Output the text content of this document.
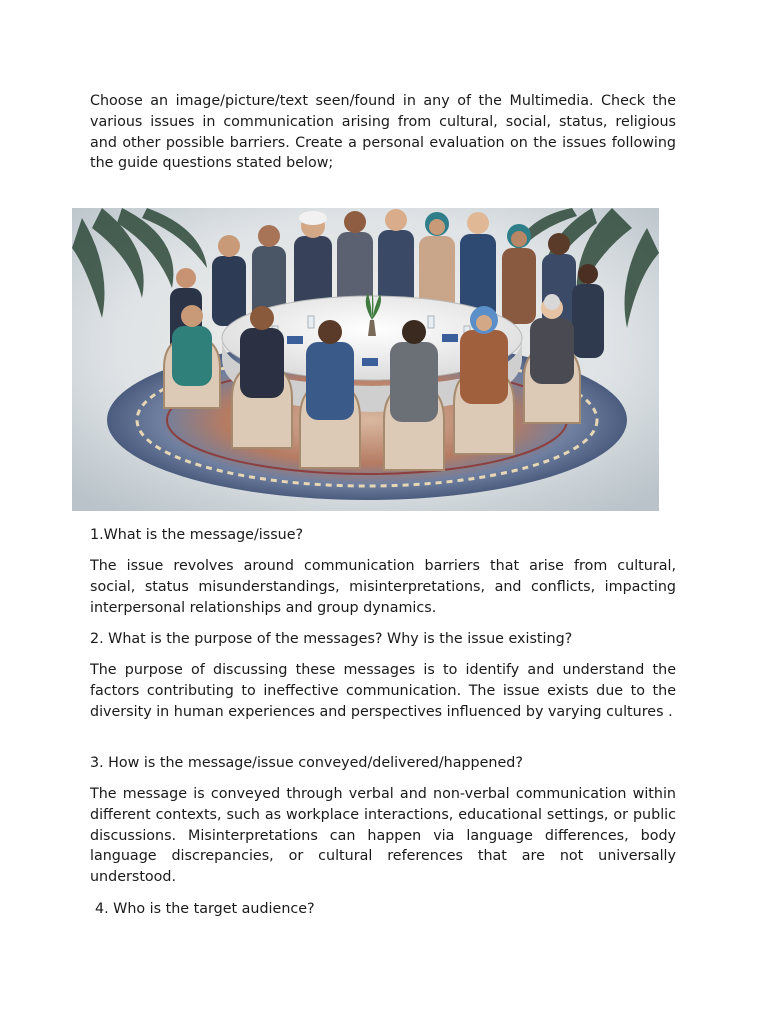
Choose an image/picture/text seen/found in any of the Multimedia. Check the various issues in communication arising from cultural, social, status, religious and other possible barriers. Create a personal evaluation on the issues following the guide questions stated below;

1.What is the message/issue?

The issue revolves around communication barriers that arise from cultural, social, status misunderstandings, misinterpretations, and conflicts, impacting interpersonal relationships and group dynamics.

2. What is the purpose of the messages? Why is the issue existing?

The purpose of discussing these messages is to identify and understand the factors contributing to ineffective communication. The issue exists due to the diversity in human experiences and perspectives influenced by varying cultures .

3. How is the message/issue conveyed/delivered/happened?

The message is conveyed through verbal and non-verbal communication within different contexts, such as workplace interactions, educational settings, or public discussions. Misinterpretations can happen via language differences, body language discrepancies, or cultural references that are not universally understood.

4. Who is the target audience?
